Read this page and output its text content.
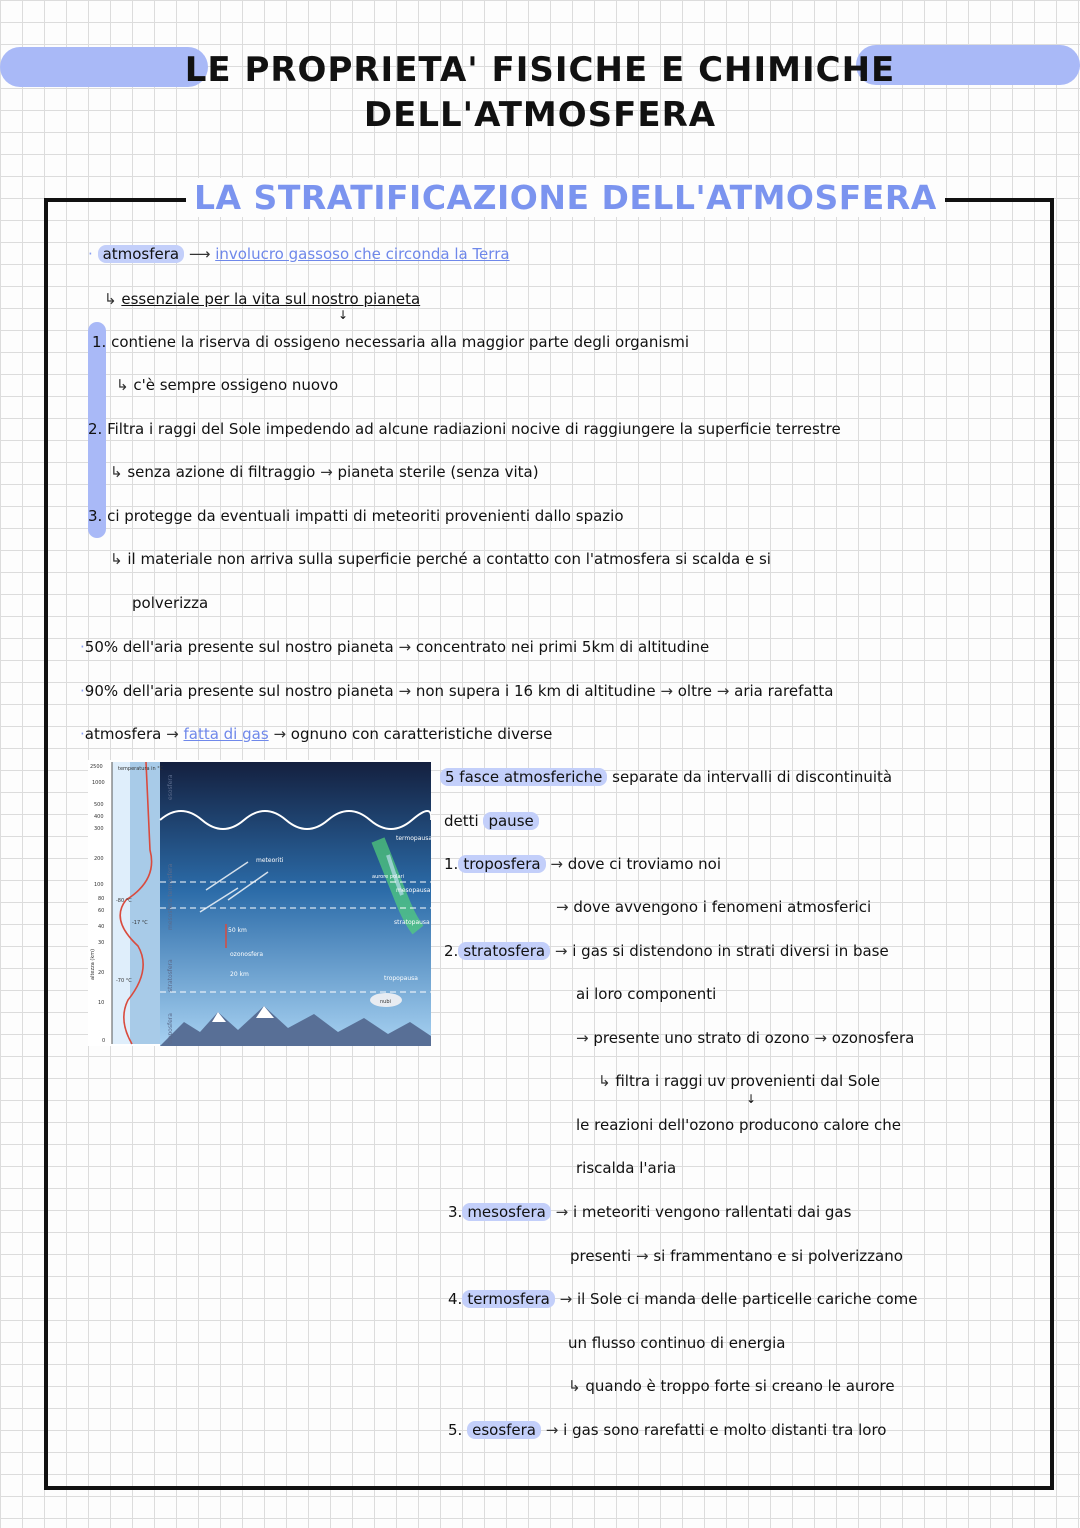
LE PROPRIETA' FISICHE E CHIMICHE
DELL'ATMOSFERA
LA STRATIFICAZIONE DELL'ATMOSFERA
· atmosfera ⟶ involucro gassoso che circonda la Terra
↳ essenziale per la vita sul nostro pianeta
↓
1. contiene la riserva di ossigeno necessaria alla maggior parte degli organismi
↳ c'è sempre ossigeno nuovo
2. Filtra i raggi del Sole impedendo ad alcune radiazioni nocive di raggiungere la superficie terrestre
↳ senza azione di filtraggio → pianeta sterile (senza vita)
3. ci protegge da eventuali impatti di meteoriti provenienti dallo spazio
↳ il materiale non arriva sulla superficie perché a contatto con l'atmosfera si scalda e si
polverizza
·50% dell'aria presente sul nostro pianeta → concentrato nei primi 5km di altitudine
·90% dell'aria presente sul nostro pianeta → non supera i 16 km di altitudine → oltre → aria rarefatta
·atmosfera → fatta di gas → ognuno con caratteristiche diverse
temperatura in °C
altezza (km)
2500
1000
500
400
300
200
100
80
60
40
30
20
10
0
esosfera
mesosfera termosfera
stratosfera
troposfera
-80 °C
-17 °C
-70 °C
termopausa
meteoriti
aurore polari
mesopausa
stratopausa
50 km
ozonosfera
20 km
tropopausa
nubi
5 fasce atmosferiche separate da intervalli di discontinuità
detti pause
1. troposfera → dove ci troviamo noi
→ dove avvengono i fenomeni atmosferici
2. stratosfera → i gas si distendono in strati diversi in base
ai loro componenti
→ presente uno strato di ozono → ozonosfera
↳ filtra i raggi uv provenienti dal Sole
↓
le reazioni dell'ozono producono calore che
riscalda l'aria
3. mesosfera → i meteoriti vengono rallentati dai gas
presenti → si frammentano e si polverizzano
4. termosfera → il Sole ci manda delle particelle cariche come
un flusso continuo di energia
↳ quando è troppo forte si creano le aurore
5. esosfera → i gas sono rarefatti e molto distanti tra loro
